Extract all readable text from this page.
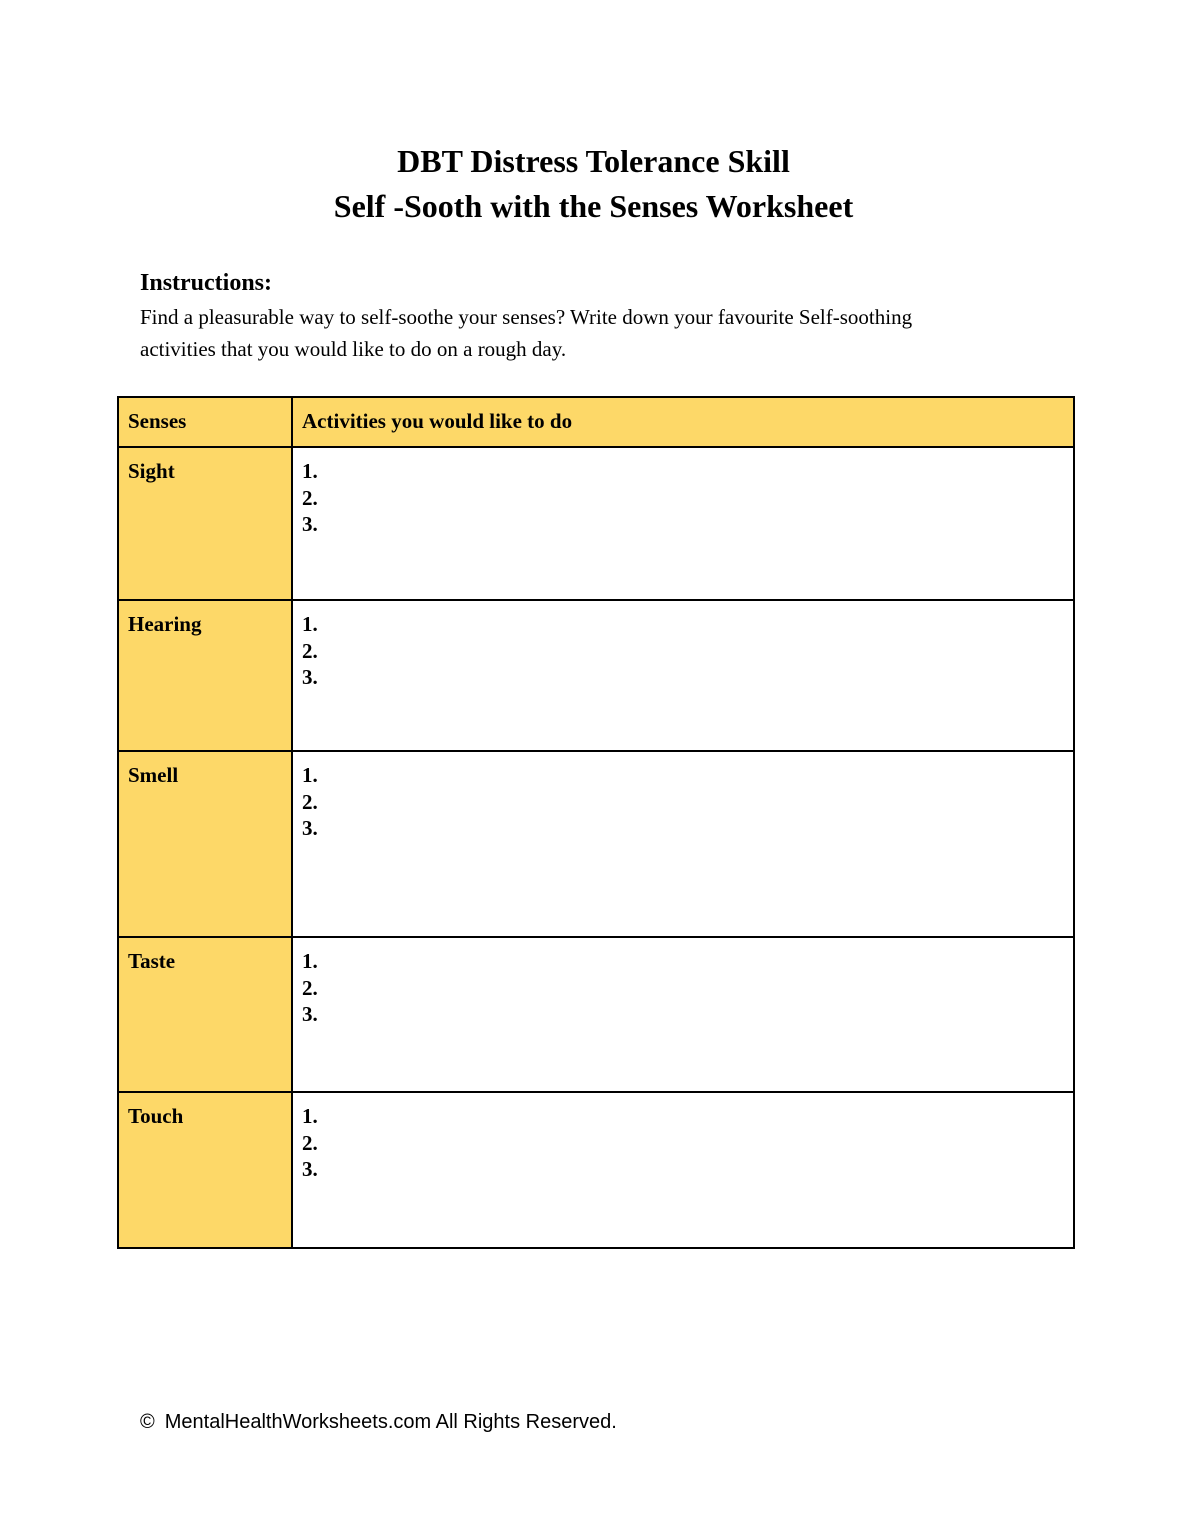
DBT Distress Tolerance Skill
Self -Sooth with the Senses Worksheet
Instructions:
Find a pleasurable way to self-soothe your senses? Write down your favourite Self-soothing
activities that you would like to do on a rough day.
Senses	Activities you would like to do
Sight	1.
2.
3.

Hearing	1.
2.
3.

Smell	1.
2.
3.

Taste	1.
2.
3.

Touch	1.
2.
3.
© MentalHealthWorksheets.com All Rights Reserved.
